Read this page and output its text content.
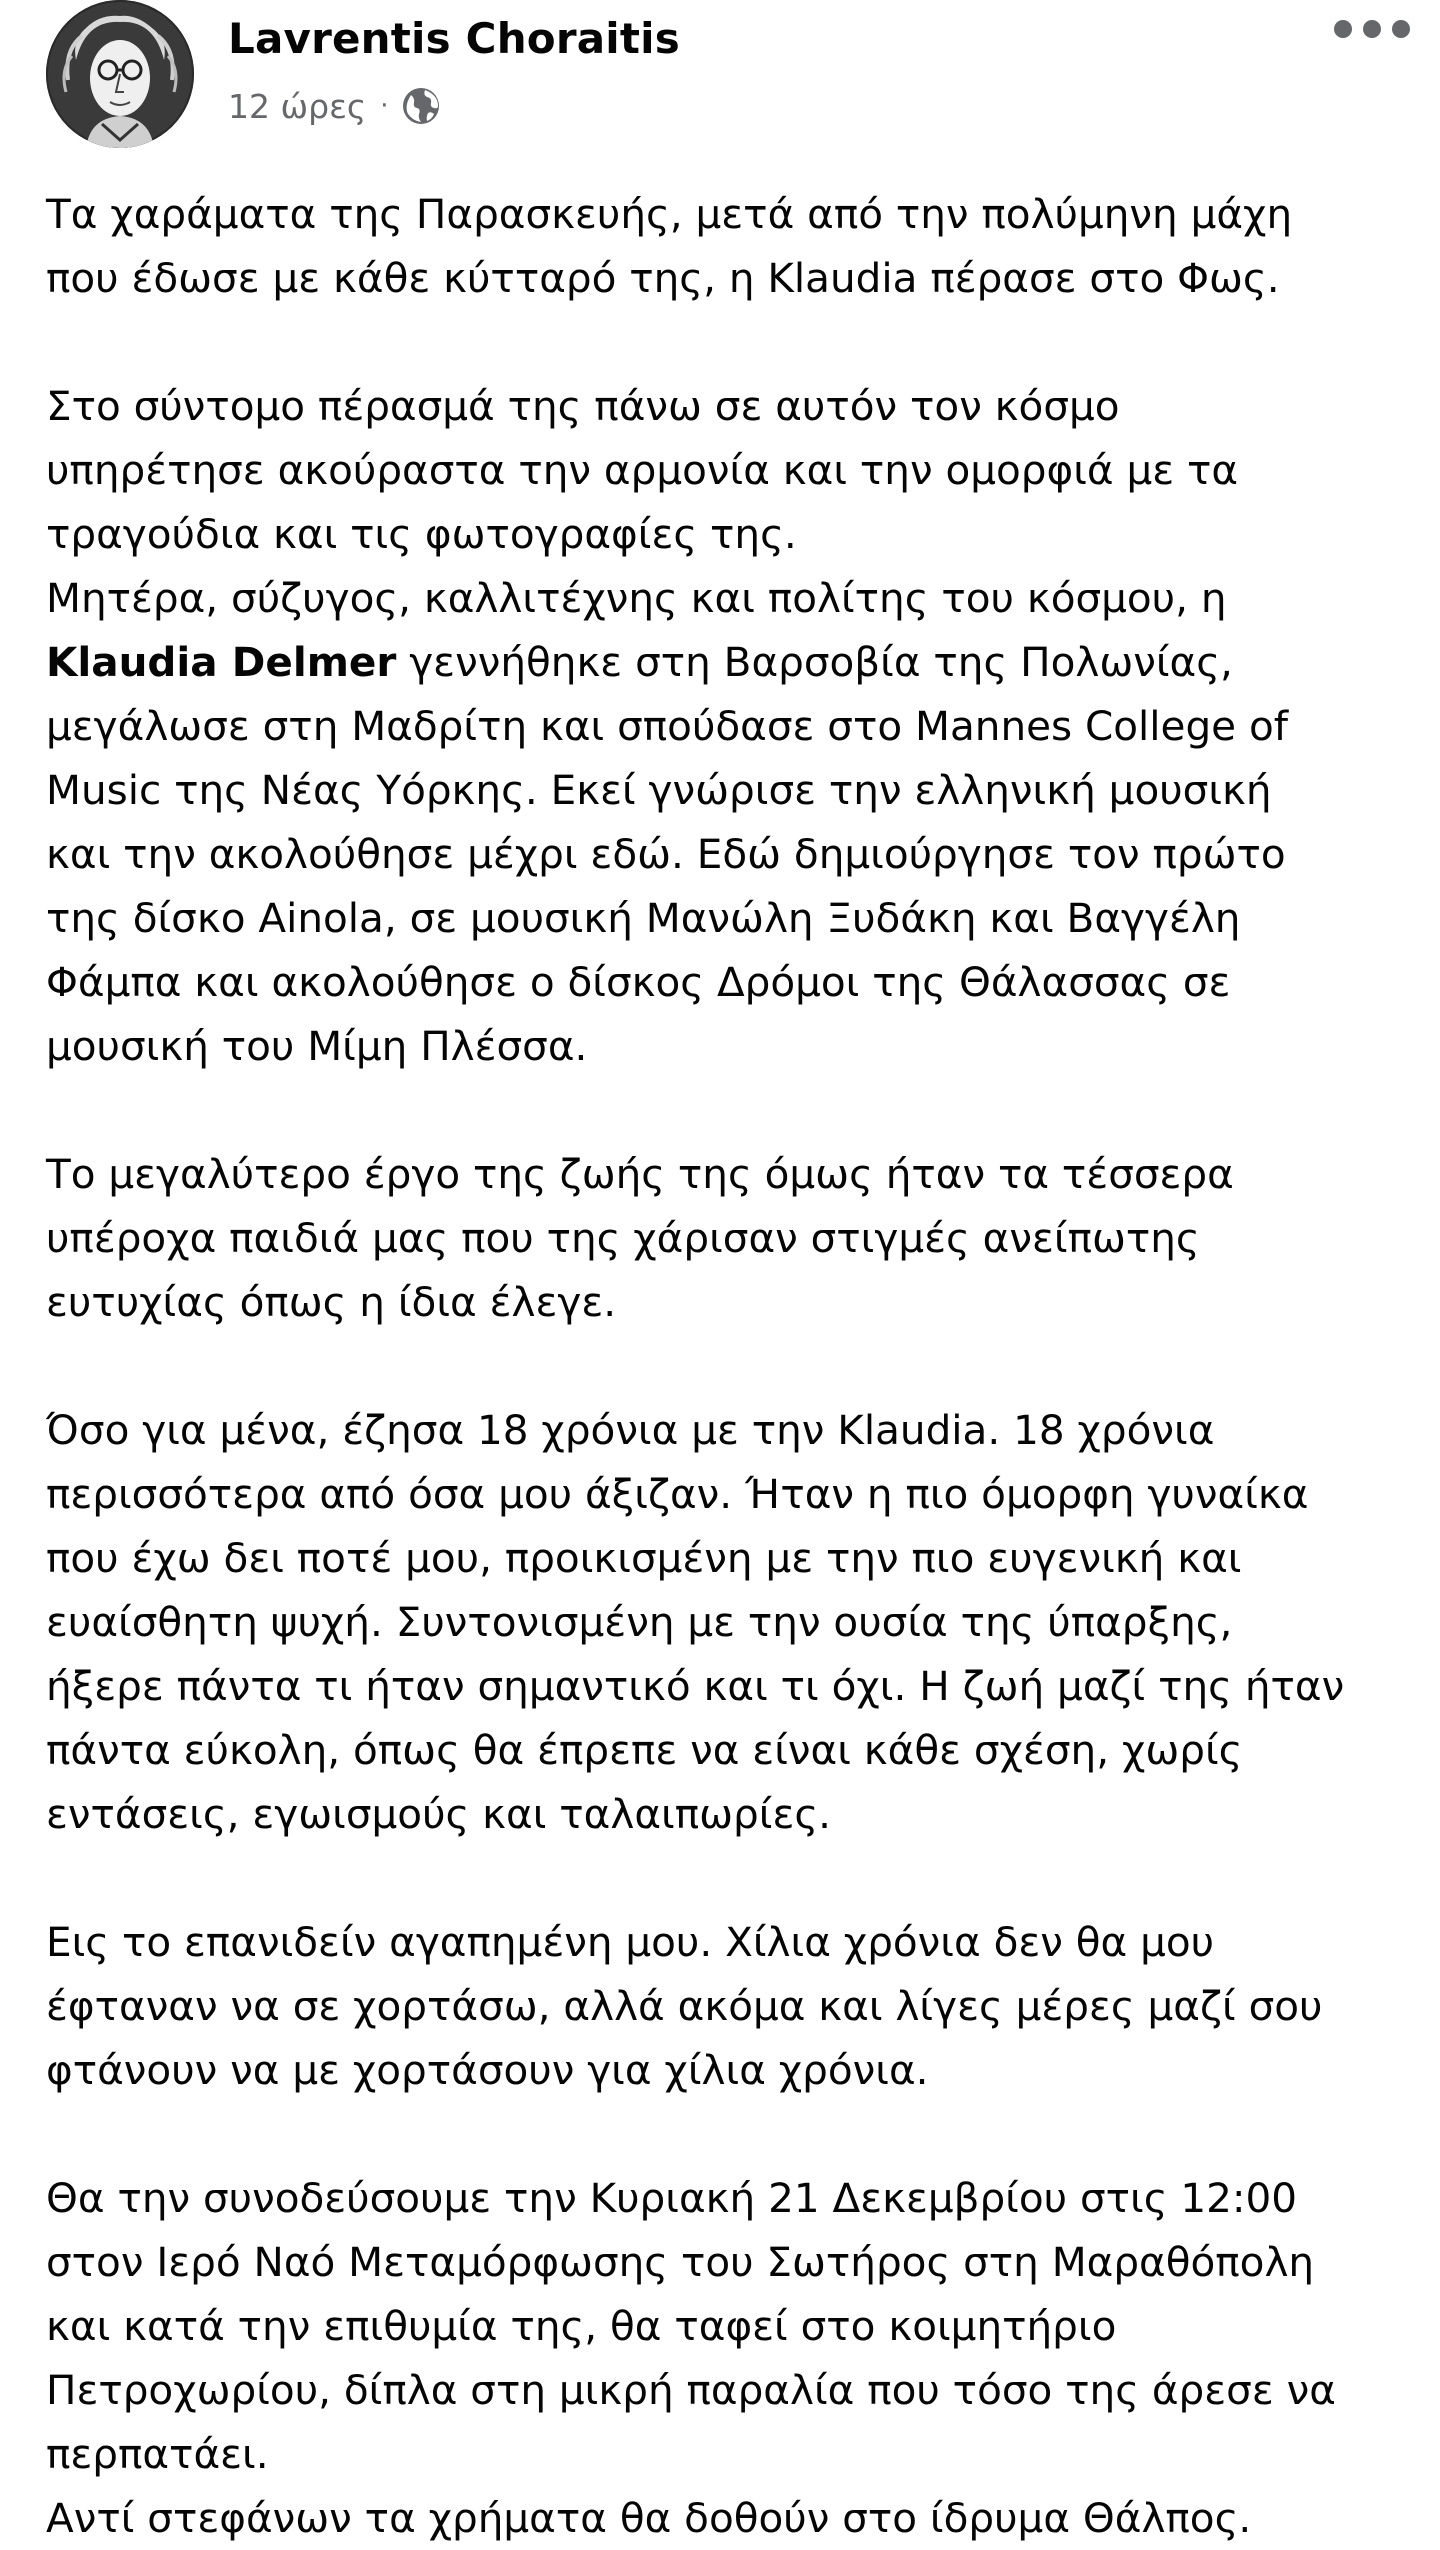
Lavrentis Choraitis
12 ώρες ·
Τα χαράματα της Παρασκευής, μετά από την πολύμηνη μάχη
που έδωσε με κάθε κύτταρό της, η Klaudia πέρασε στο Φως.
Στο σύντομο πέρασμά της πάνω σε αυτόν τον κόσμο
υπηρέτησε ακούραστα την αρμονία και την ομορφιά με τα
τραγούδια και τις φωτογραφίες της.
Μητέρα, σύζυγος, καλλιτέχνης και πολίτης του κόσμου, η
Klaudia Delmer γεννήθηκε στη Βαρσοβία της Πολωνίας,
μεγάλωσε στη Μαδρίτη και σπούδασε στο Mannes College of
Music της Νέας Υόρκης. Εκεί γνώρισε την ελληνική μουσική
και την ακολούθησε μέχρι εδώ. Εδώ δημιούργησε τον πρώτο
της δίσκο Ainola, σε μουσική Μανώλη Ξυδάκη και Βαγγέλη
Φάμπα και ακολούθησε ο δίσκος Δρόμοι της Θάλασσας σε
μουσική του Μίμη Πλέσσα.
Το μεγαλύτερο έργο της ζωής της όμως ήταν τα τέσσερα
υπέροχα παιδιά μας που της χάρισαν στιγμές ανείπωτης
ευτυχίας όπως η ίδια έλεγε.
Όσο για μένα, έζησα 18 χρόνια με την Klaudia. 18 χρόνια
περισσότερα από όσα μου άξιζαν. Ήταν η πιο όμορφη γυναίκα
που έχω δει ποτέ μου, προικισμένη με την πιο ευγενική και
ευαίσθητη ψυχή. Συντονισμένη με την ουσία της ύπαρξης,
ήξερε πάντα τι ήταν σημαντικό και τι όχι. Η ζωή μαζί της ήταν
πάντα εύκολη, όπως θα έπρεπε να είναι κάθε σχέση, χωρίς
εντάσεις, εγωισμούς και ταλαιπωρίες.
Εις το επανιδείν αγαπημένη μου. Χίλια χρόνια δεν θα μου
έφταναν να σε χορτάσω, αλλά ακόμα και λίγες μέρες μαζί σου
φτάνουν να με χορτάσουν για χίλια χρόνια.
Θα την συνοδεύσουμε την Κυριακή 21 Δεκεμβρίου στις 12:00
στον Ιερό Ναό Μεταμόρφωσης του Σωτήρος στη Μαραθόπολη
και κατά την επιθυμία της, θα ταφεί στο κοιμητήριο
Πετροχωρίου, δίπλα στη μικρή παραλία που τόσο της άρεσε να
περπατάει.
Αντί στεφάνων τα χρήματα θα δοθούν στο ίδρυμα Θάλπος.
